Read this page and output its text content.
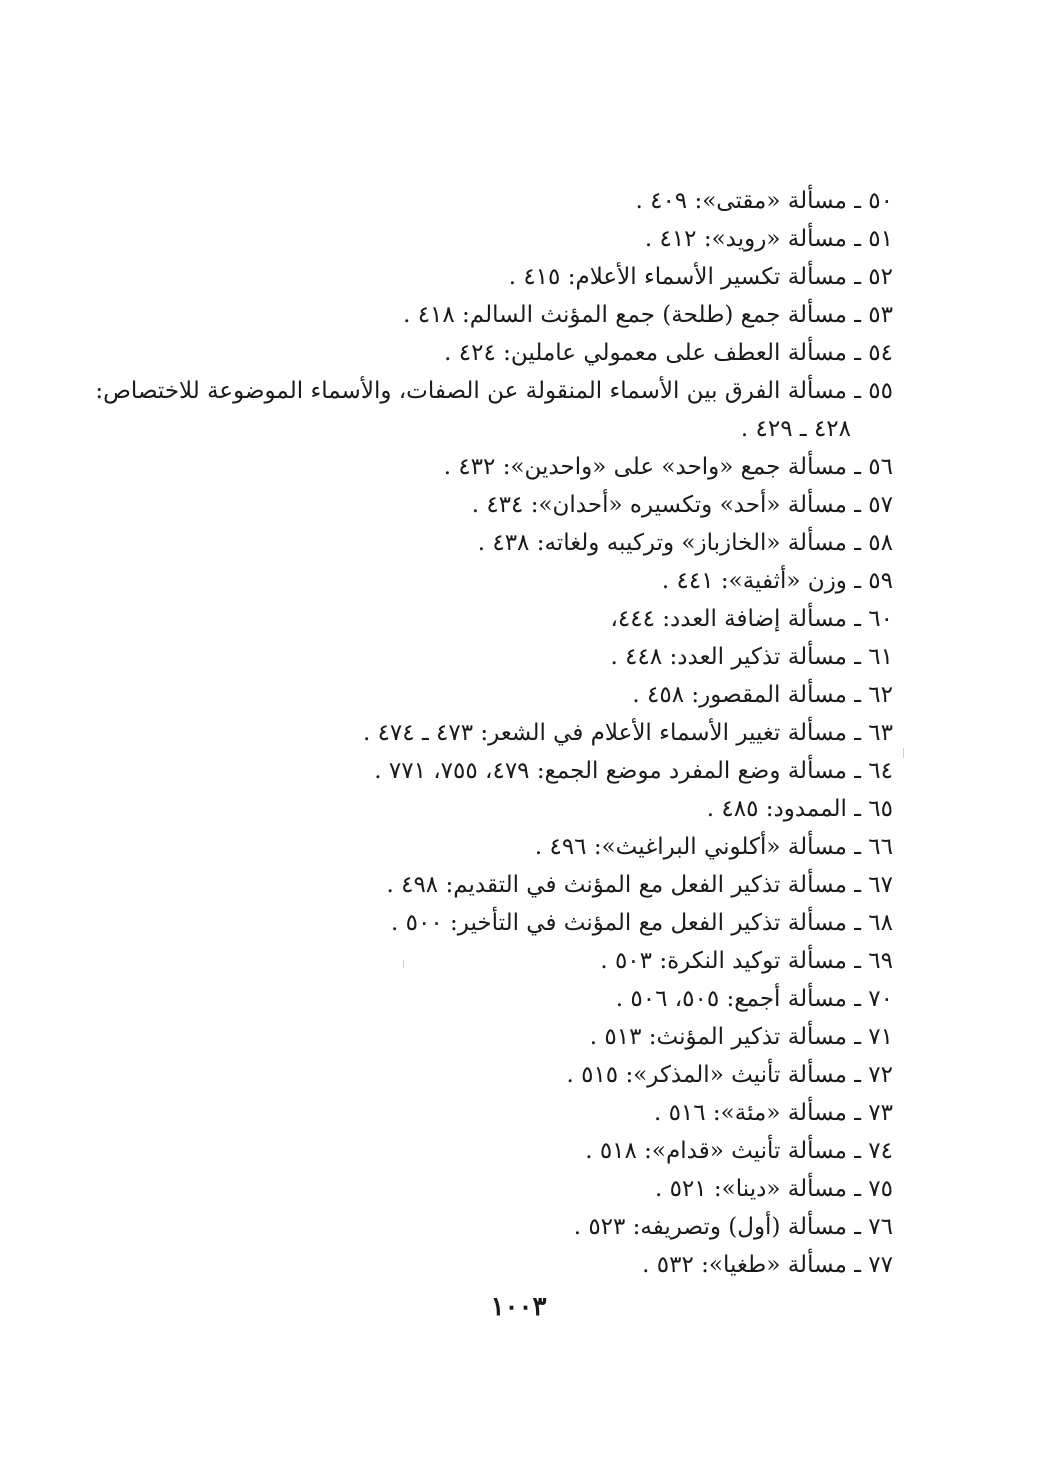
٥٠ ـ مسألة «مقتى»: ٤٠٩ .
٥١ ـ مسألة «رويد»: ٤١٢ .
٥٢ ـ مسألة تكسير الأسماء الأعلام: ٤١٥ .
٥٣ ـ مسألة جمع (طلحة) جمع المؤنث السالم: ٤١٨ .
٥٤ ـ مسألة العطف على معمولي عاملين: ٤٢٤ .
٥٥ ـ مسألة الفرق بين الأسماء المنقولة عن الصفات، والأسماء الموضوعة للاختصاص:
٤٢٨ ـ ٤٢٩ .
٥٦ ـ مسألة جمع «واحد» على «واحدين»: ٤٣٢ .
٥٧ ـ مسألة «أحد» وتكسيره «أحدان»: ٤٣٤ .
٥٨ ـ مسألة «الخازباز» وتركيبه ولغاته: ٤٣٨ .
٥٩ ـ وزن «أثفية»: ٤٤١ .
٦٠ ـ مسألة إضافة العدد: ٤٤٤،
٦١ ـ مسألة تذكير العدد: ٤٤٨ .
٦٢ ـ مسألة المقصور: ٤٥٨ .
٦٣ ـ مسألة تغيير الأسماء الأعلام في الشعر: ٤٧٣ ـ ٤٧٤ .
٦٤ ـ مسألة وضع المفرد موضع الجمع: ٤٧٩، ٧٥٥، ٧٧١ .
٦٥ ـ الممدود: ٤٨٥ .
٦٦ ـ مسألة «أكلوني البراغيث»: ٤٩٦ .
٦٧ ـ مسألة تذكير الفعل مع المؤنث في التقديم: ٤٩٨ .
٦٨ ـ مسألة تذكير الفعل مع المؤنث في التأخير: ٥٠٠ .
٦٩ ـ مسألة توكيد النكرة: ٥٠٣ .
٧٠ ـ مسألة أجمع: ٥٠٥، ٥٠٦ .
٧١ ـ مسألة تذكير المؤنث: ٥١٣ .
٧٢ ـ مسألة تأنيث «المذكر»: ٥١٥ .
٧٣ ـ مسألة «مئة»: ٥١٦ .
٧٤ ـ مسألة تأنيث «قدام»: ٥١٨ .
٧٥ ـ مسألة «دينا»: ٥٢١ .
٧٦ ـ مسألة (أول) وتصريفه: ٥٢٣ .
٧٧ ـ مسألة «طغيا»: ٥٣٢ .
١٠٠٣
